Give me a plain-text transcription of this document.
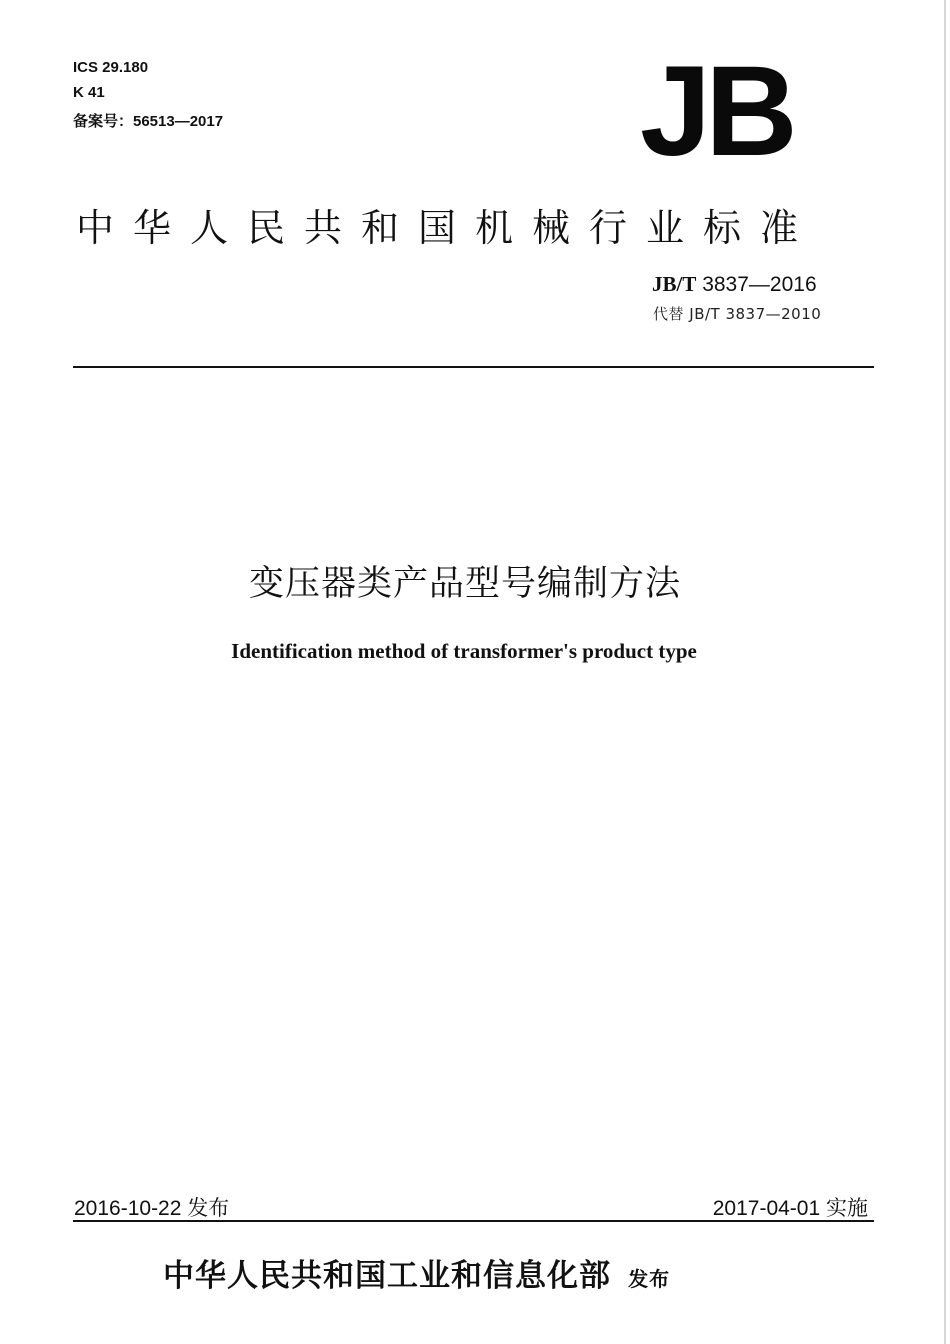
ICS 29.180
K 41
备案号：56513—2017	JB
中华人民共和国机械行业标准
JB/T 3837—2016
代替 JB/T 3837—2010
变压器类产品型号编制方法
Identification method of transformer's product type
2016-10-22 发布	2017-04-01 实施
中华人民共和国工业和信息化部 发布
